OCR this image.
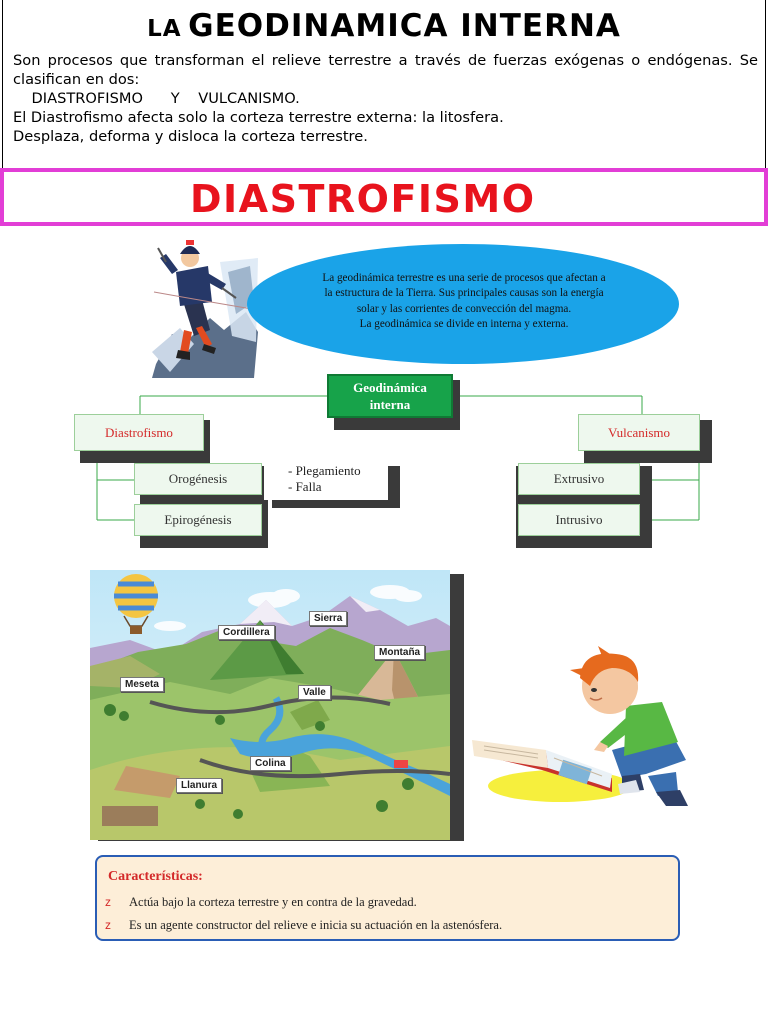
LA GEODINAMICA INTERNA
Son procesos que transforman el relieve terrestre a través de fuerzas exógenas o endógenas. Se clasifican en dos:
DIASTROFISMO      Y    VULCANISMO.
El Diastrofismo afecta solo la corteza terrestre externa: la litosfera.
Desplaza, deforma y disloca la corteza terrestre.
DIASTROFISMO
La geodinámica terrestre es una serie de procesos que afectan a
la estructura de la Tierra. Sus principales causas son la energía
solar y las corrientes de convección del magma.
La geodinámica se divide en interna y externa.
Geodinámica
interna
Diastrofismo
Orogénesis
Epirogénesis
- Plegamiento
- Falla
Vulcanismo
Extrusivo
Intrusivo
Sierra
Cordillera
Montaña
Meseta
Valle
Colina
Llanura
Características:
z Actúa bajo la corteza terrestre y en contra de la gravedad.
z Es un agente constructor del relieve e inicia su actuación en la astenósfera.
